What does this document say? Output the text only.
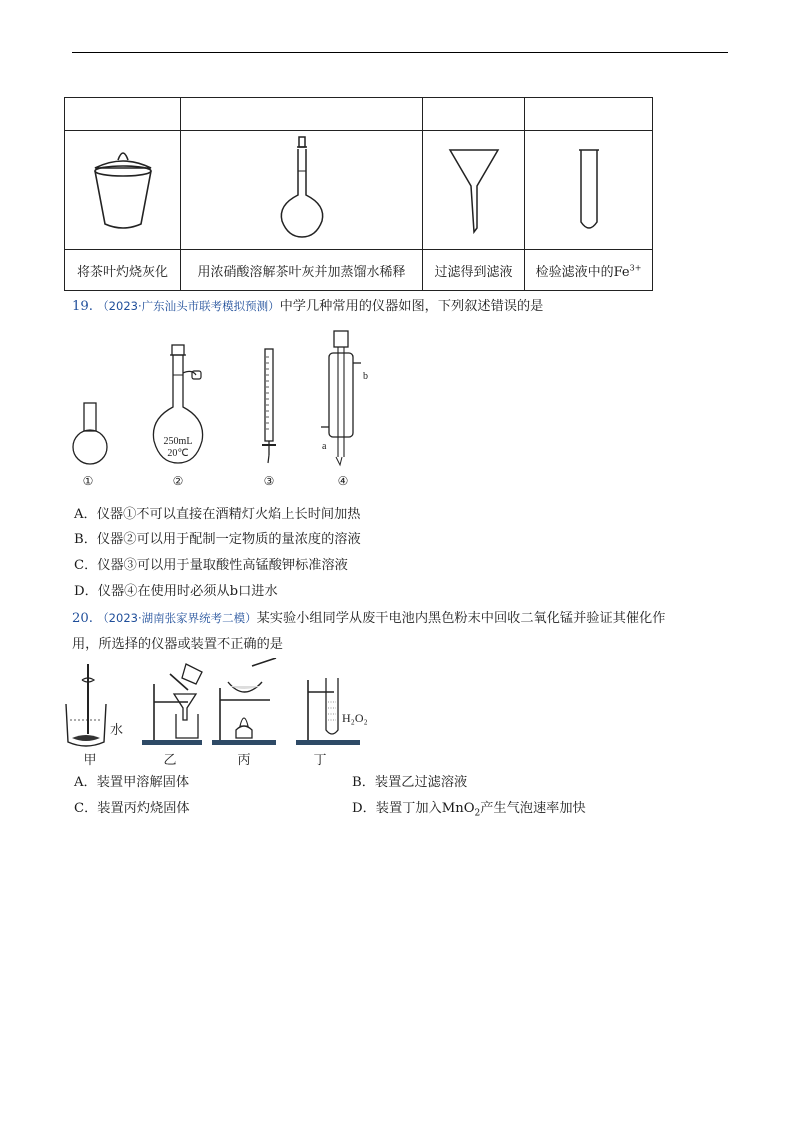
将茶叶灼烧灰化	用浓硝酸溶解茶叶灰并加蒸馏水稀释	过滤得到滤液	检验滤液中的$Fe^{3+}$
19. （2023·广东汕头市联考模拟预测）中学几种常用的仪器如图，下列叙述错误的是
250mL
20℃
b
a
①	②	③	④
A．仪器①不可以直接在酒精灯火焰上长时间加热
B．仪器②可以用于配制一定物质的量浓度的溶液
C．仪器③可以用于量取酸性高锰酸钾标准溶液
D．仪器④在使用时必须从b口进水
20. （2023·湖南张家界统考二模）某实验小组同学从废干电池内黑色粉末中回收二氧化锰并验证其催化作
用，所选择的仪器或装置不正确的是
水
H₂O₂
甲	乙	丙	丁
A．装置甲溶解固体	B．装置乙过滤溶液
C．装置丙灼烧固体	D．装置丁加入MnO$_2$产生气泡速率加快
